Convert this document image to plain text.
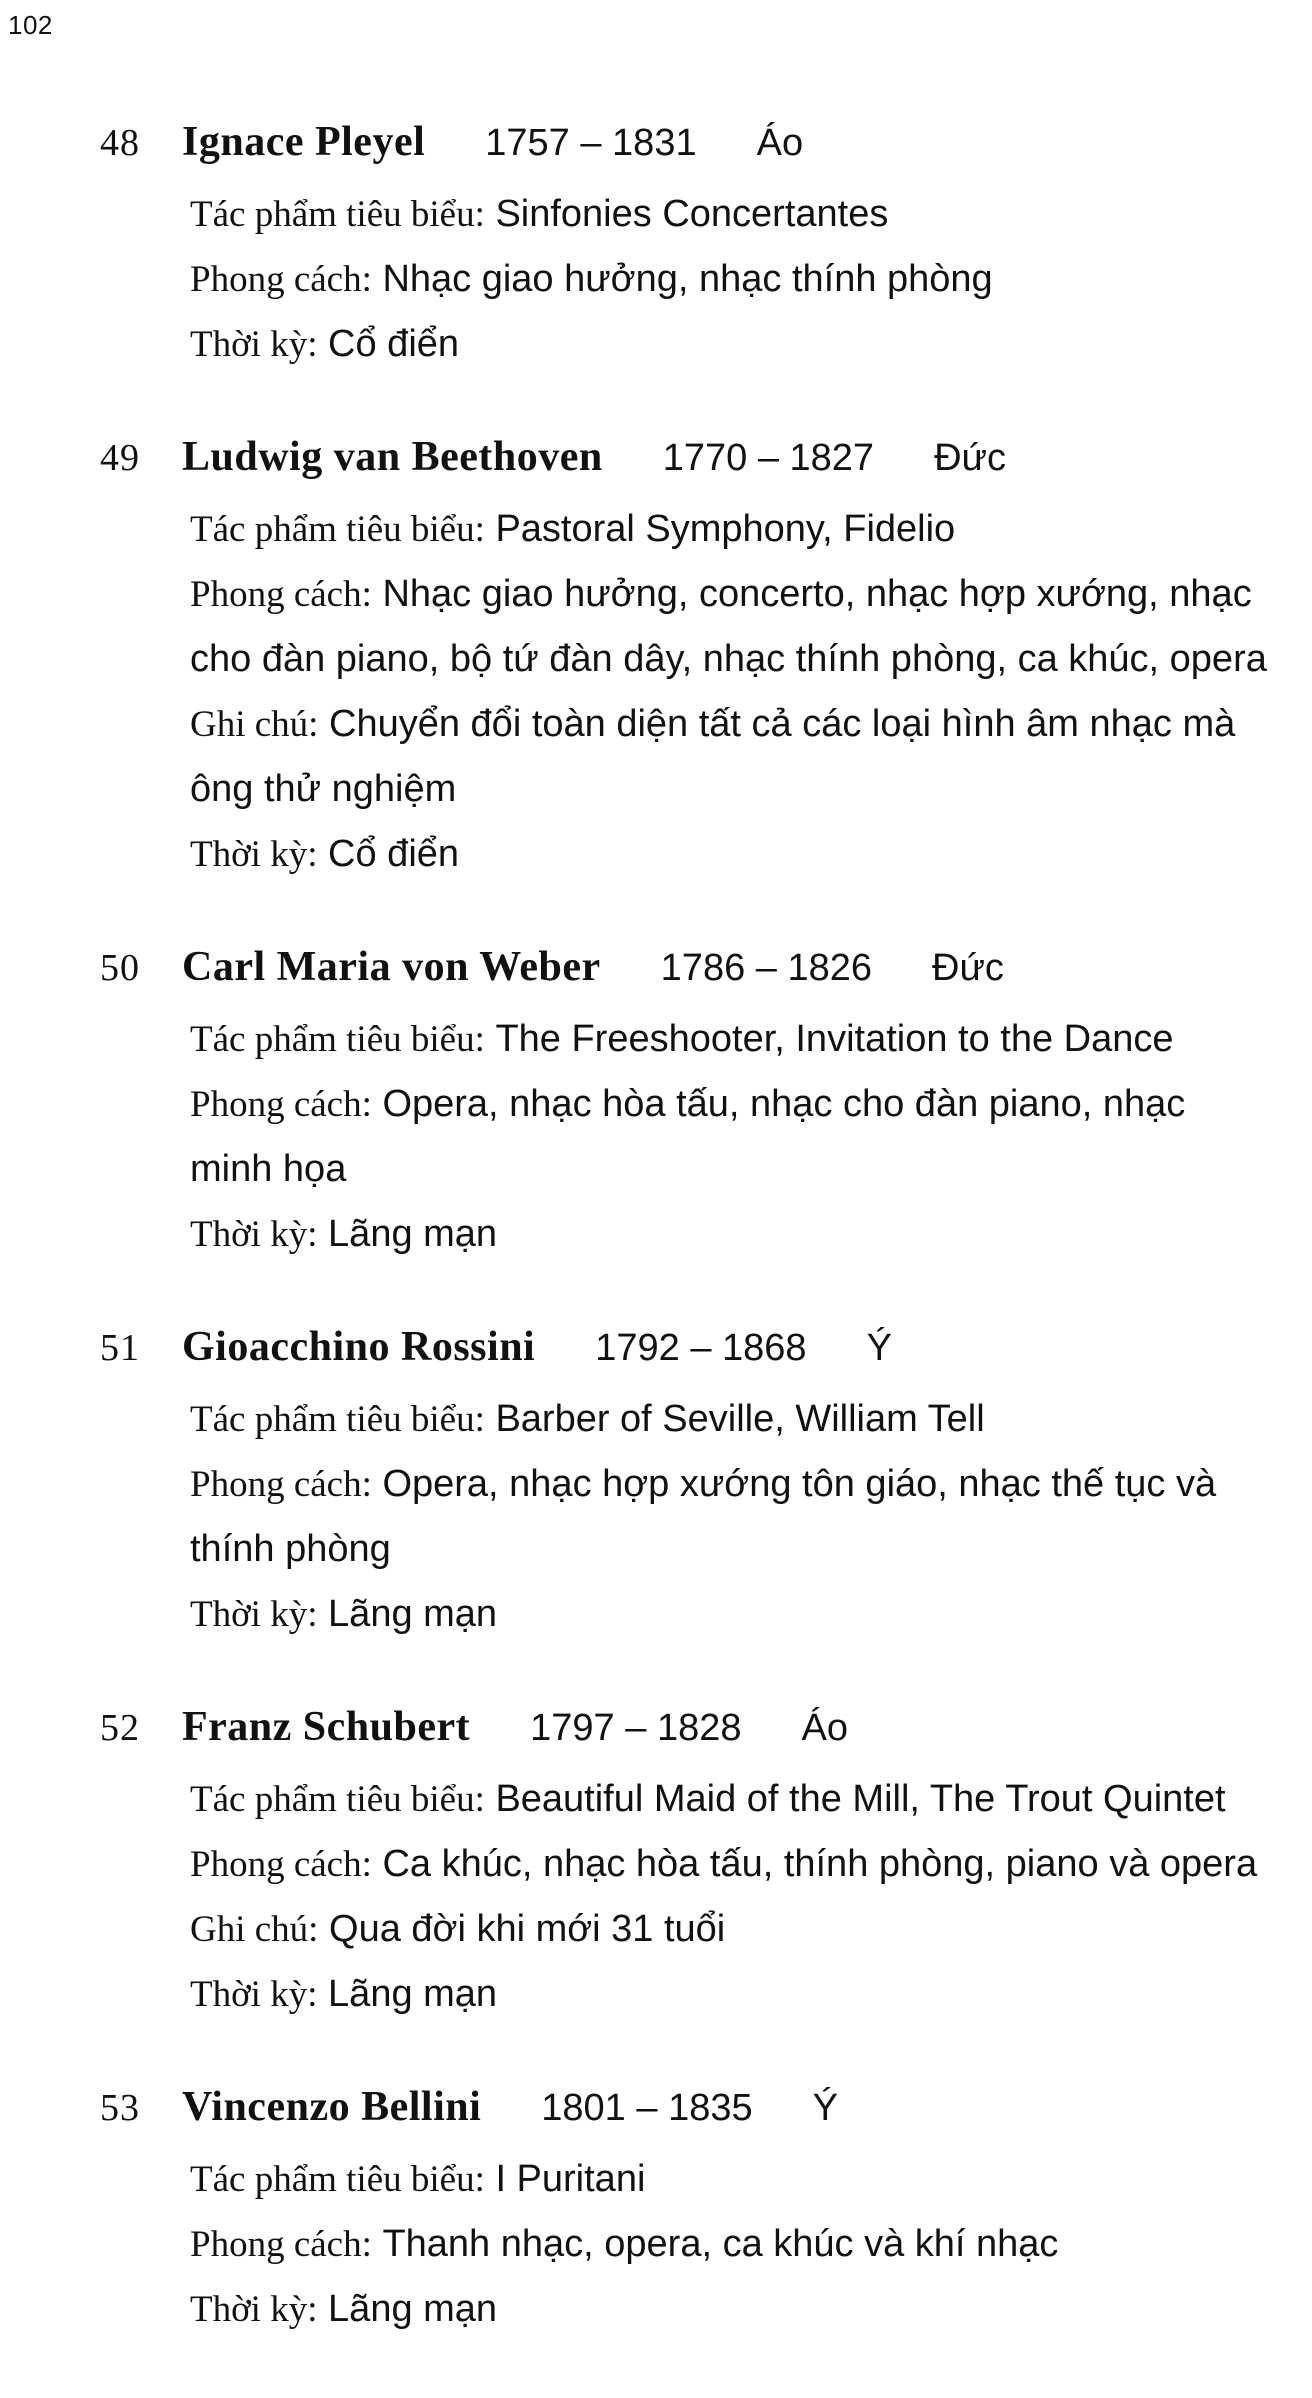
102
48	Ignace Pleyel 1757 – 1831 Áo
Tác phẩm tiêu biểu: Sinfonies Concertantes
Phong cách: Nhạc giao hưởng, nhạc thính phòng
Thời kỳ: Cổ điển
49	Ludwig van Beethoven 1770 – 1827 Đức
Tác phẩm tiêu biểu: Pastoral Symphony, Fidelio
Phong cách: Nhạc giao hưởng, concerto, nhạc hợp xướng, nhạc
cho đàn piano, bộ tứ đàn dây, nhạc thính phòng, ca khúc, opera
Ghi chú: Chuyển đổi toàn diện tất cả các loại hình âm nhạc mà
ông thử nghiệm
Thời kỳ: Cổ điển
50	Carl Maria von Weber 1786 – 1826 Đức
Tác phẩm tiêu biểu: The Freeshooter, Invitation to the Dance
Phong cách: Opera, nhạc hòa tấu, nhạc cho đàn piano, nhạc
minh họa
Thời kỳ: Lãng mạn
51	Gioacchino Rossini 1792 – 1868 Ý
Tác phẩm tiêu biểu: Barber of Seville, William Tell
Phong cách: Opera, nhạc hợp xướng tôn giáo, nhạc thế tục và
thính phòng
Thời kỳ: Lãng mạn
52	Franz Schubert 1797 – 1828 Áo
Tác phẩm tiêu biểu: Beautiful Maid of the Mill, The Trout Quintet
Phong cách: Ca khúc, nhạc hòa tấu, thính phòng, piano và opera
Ghi chú: Qua đời khi mới 31 tuổi
Thời kỳ: Lãng mạn
53	Vincenzo Bellini 1801 – 1835 Ý
Tác phẩm tiêu biểu: I Puritani
Phong cách: Thanh nhạc, opera, ca khúc và khí nhạc
Thời kỳ: Lãng mạn
